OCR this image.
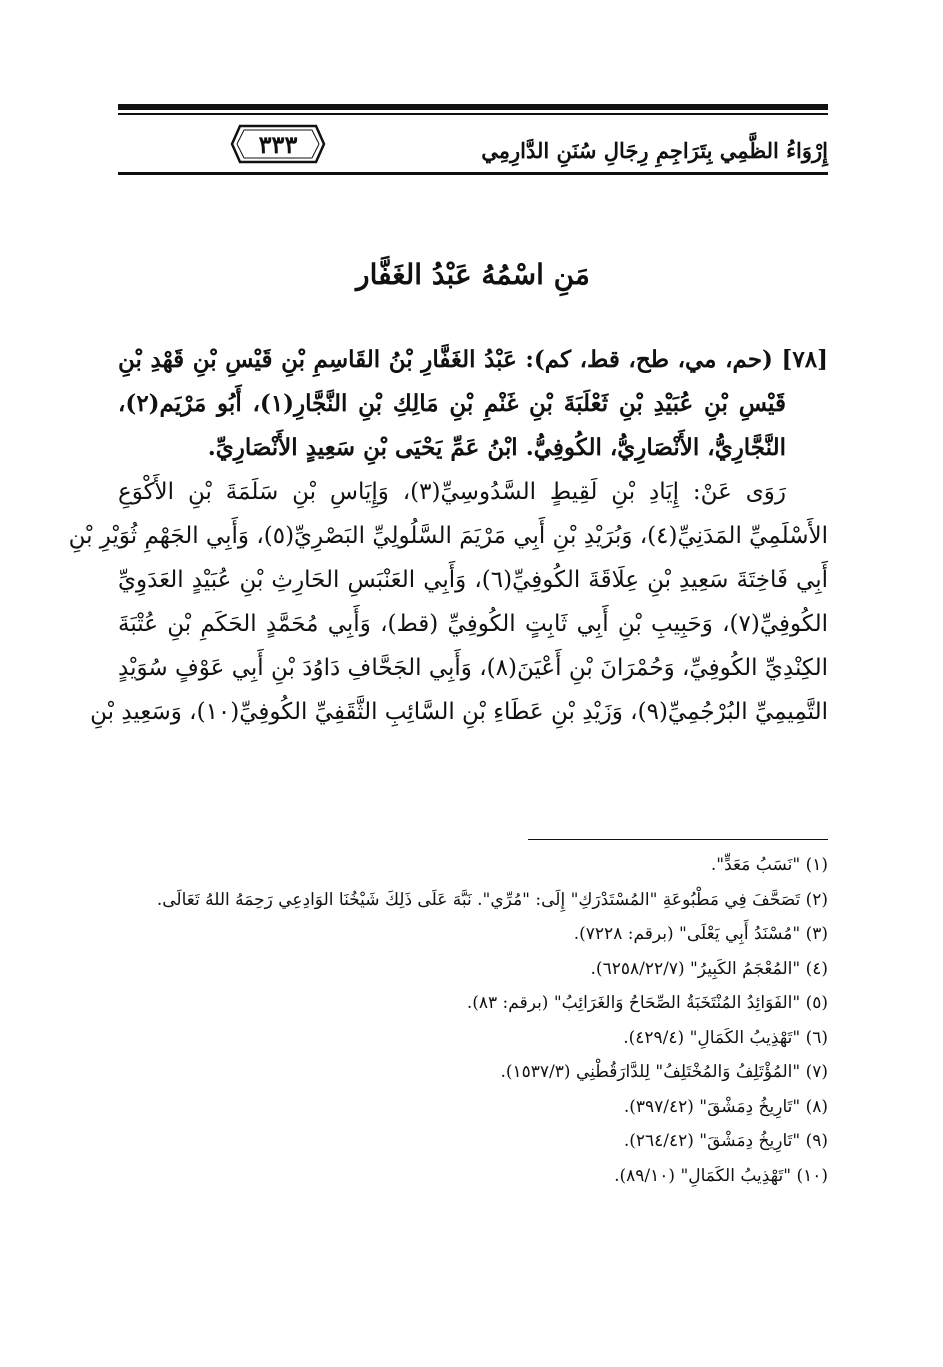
٣٣٣	إِرْوَاءُ الظَّمِي بِتَرَاجِمِ رِجَالِ سُنَنِ الدَّارِمِي
مَنِ اسْمُهُ عَبْدُ الغَفَّار
[٧٨] (حم، مي، طح، قط، كم): عَبْدُ الغَفَّارِ بْنُ القَاسِمِ بْنِ قَيْسِ بْنِ قَهْدِ بْنِ
قَيْسِ بْنِ عُبَيْدِ بْنِ ثَعْلَبَةَ بْنِ غَنْمِ بْنِ مَالِكِ بْنِ النَّجَّارِ(١)، أَبُو مَرْيَم(٢)،
النَّجَّارِيُّ، الأَنْصَارِيُّ، الكُوفِيُّ. ابْنُ عَمِّ يَحْيَى بْنِ سَعِيدٍ الأَنْصَارِيِّ.
رَوَى عَنْ: إِيَادِ بْنِ لَقِيطٍ السَّدُوسِيِّ(٣)، وَإِيَاسِ بْنِ سَلَمَةَ بْنِ الأَكْوَعِ
الأَسْلَمِيِّ المَدَنِيِّ(٤)، وَبُرَيْدِ بْنِ أَبِي مَرْيَمَ السَّلُولِيِّ البَصْرِيِّ(٥)، وَأَبِي الجَهْمِ ثُوَيْرِ بْنِ
أَبِي فَاخِتَةَ سَعِيدِ بْنِ عِلَاقَةَ الكُوفِيِّ(٦)، وَأَبِي العَنْبَسِ الحَارِثِ بْنِ عُبَيْدٍ العَدَوِيِّ
الكُوفِيِّ(٧)، وَحَبِيبِ بْنِ أَبِي ثَابِتٍ الكُوفِيِّ (قط)، وَأَبِي مُحَمَّدٍ الحَكَمِ بْنِ عُتْبَةَ
الكِنْدِيِّ الكُوفِيِّ، وَحُمْرَانَ بْنِ أَعْيَنَ(٨)، وَأَبِي الجَحَّافِ دَاوُدَ بْنِ أَبِي عَوْفٍ سُوَيْدٍ
التَّمِيمِيِّ البُرْجُمِيِّ(٩)، وَزَيْدِ بْنِ عَطَاءِ بْنِ السَّائِبِ الثَّقَفِيِّ الكُوفِيِّ(١٠)، وَسَعِيدِ بْنِ
(١) "نَسَبُ مَعَدٍّ".
(٢) تَصَحَّفَ فِي مَطْبُوعَةِ "المُسْتَدْرَكِ" إِلَى: "مُرِّي". نَبَّهَ عَلَى ذَلِكَ شَيْخُنَا الوَادِعِي رَحِمَهُ اللهُ تَعَالَى.
(٣) "مُسْنَدُ أَبِي يَعْلَى" (برقم: ٧٢٢٨).
(٤) "المُعْجَمُ الكَبِيرُ" (٦٢٥٨/٢٢/٧).
(٥) "الفَوَائِدُ المُنْتَخَبَةُ الصِّحَاحُ وَالغَرَائِبُ" (برقم: ٨٣).
(٦) "تَهْذِيبُ الكَمَالِ" (٤٢٩/٤).
(٧) "المُؤْتَلِفُ وَالمُخْتَلِفُ" لِلدَّارَقُطْنِي (١٥٣٧/٣).
(٨) "تَارِيخُ دِمَشْقَ" (٣٩٧/٤٢).
(٩) "تَارِيخُ دِمَشْقَ" (٢٦٤/٤٢).
(١٠) "تَهْذِيبُ الكَمَالِ" (٨٩/١٠).
